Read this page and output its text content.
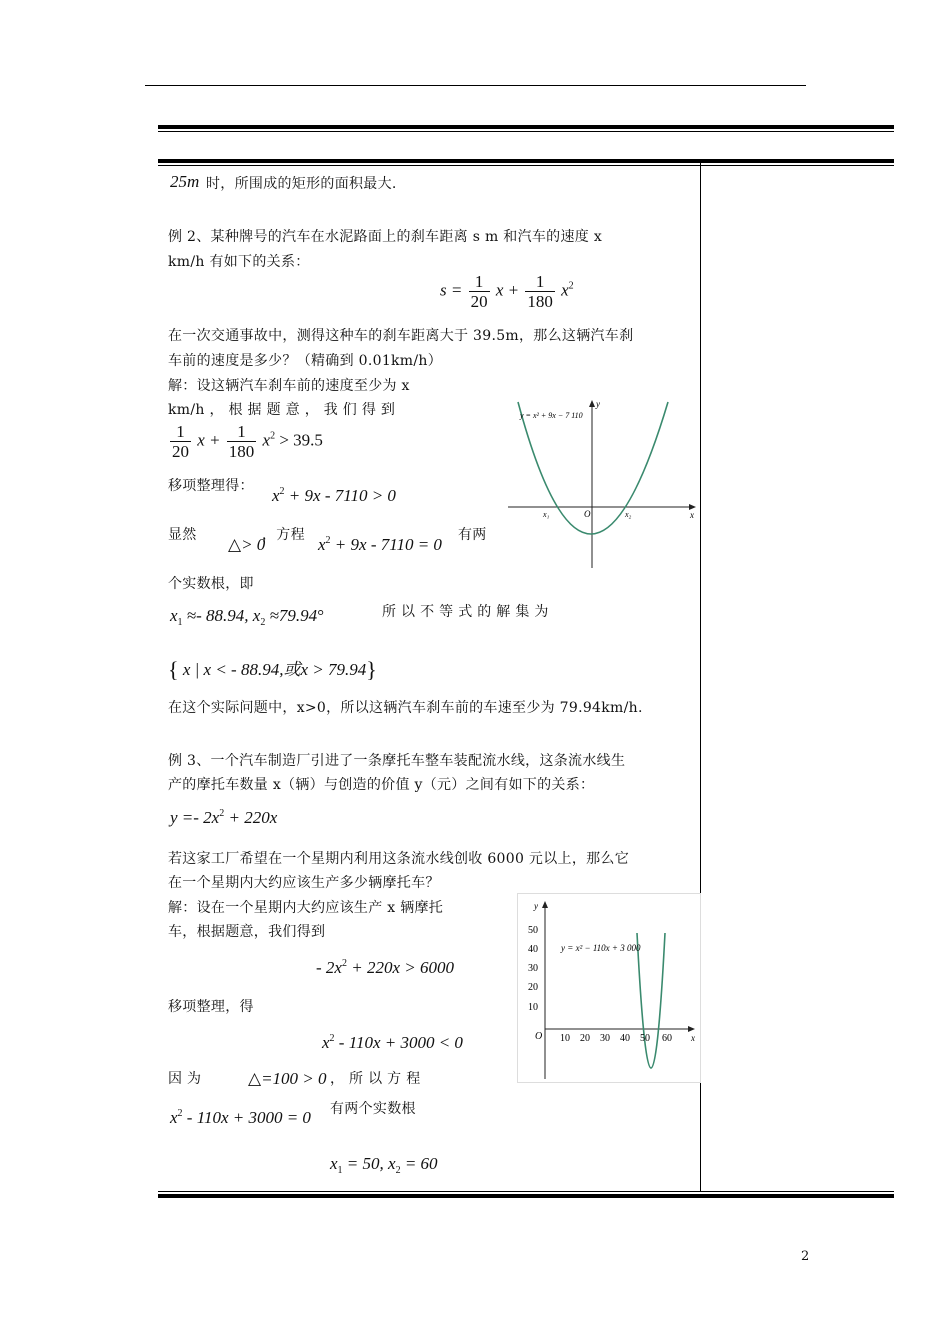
25m 时，所围成的矩形的面积最大.
例 2、某种牌号的汽车在水泥路面上的刹车距离 s m 和汽车的速度 x
km/h 有如下的关系：
$s = \frac{1}{20}$ $x + \frac{1}{180} x^2$
在一次交通事故中，测得这种车的刹车距离大于 39.5m，那么这辆汽车刹
车前的速度是多少？（精确到 0.01km/h）
解：设这辆汽车刹车前的速度至少为 x
km/h ， 根 据 题 意 ， 我 们 得 到
$\frac{1}{20}$ $x + \frac{1}{180} x^2 > 39.5$
移项整理得： $x^2 + 9x - 7110 > 0$
显然 △> 0
，方程 $x^2 + 9x - 7110 = 0$ 有两
个实数根，即
$x_1 \approx- 88.94$, $x_2 \approx 79.94^\circ$	所 以 不 等 式 的 解 集 为
{ x | x < - 88.94,或x > 79.94}
在这个实际问题中，x>0，所以这辆汽车刹车前的车速至少为 79.94km/h.
y = x² + 9x − 7 110
x
y
O
x₁	x₂
例 3、一个汽车制造厂引进了一条摩托车整车装配流水线，这条流水线生
产的摩托车数量 x（辆）与创造的价值 y（元）之间有如下的关系：
$y =- 2x^2 + 220x$
若这家工厂希望在一个星期内利用这条流水线创收 6000 元以上，那么它
在一个星期内大约应该生产多少辆摩托车？
解：设在一个星期内大约应该生产 x 辆摩托
车，根据题意，我们得到
- $2x^2 + 220x > 6000$
移项整理，得
$x^2 - 110x + 3000 < 0$
因 为	△=100 > 0 ， 所 以 方 程
$x^2 - 110x + 3000 = 0$ 有两个实数根
$x_1 = 50$, $x_2 = 60$
y
x
O
y = x² − 110x + 3 000
50
40
30
20
10
10 20 30 40 50 60
2
